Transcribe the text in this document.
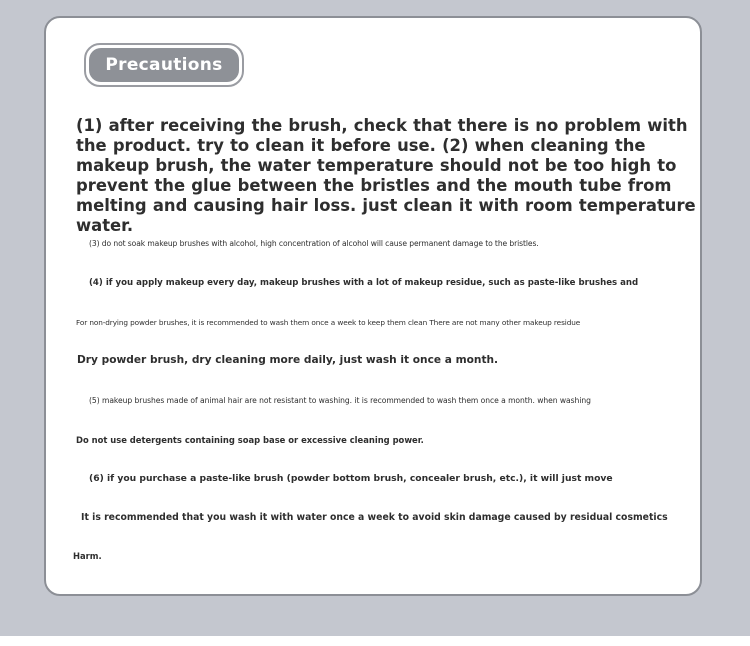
Precautions

(1) after receiving the brush, check that there is no problem with the product. try to clean it before use. (2) when cleaning the makeup brush, the water temperature should not be too high to prevent the glue between the bristles and the mouth tube from melting and causing hair loss. just clean it with room temperature water.

(3) do not soak makeup brushes with alcohol, high concentration of alcohol will cause permanent damage to the bristles.

(4) if you apply makeup every day, makeup brushes with a lot of makeup residue, such as paste-like brushes and

For non-drying powder brushes, it is recommended to wash them once a week to keep them clean There are not many other makeup residue

Dry powder brush, dry cleaning more daily, just wash it once a month.

(5) makeup brushes made of animal hair are not resistant to washing. it is recommended to wash them once a month. when washing

Do not use detergents containing soap base or excessive cleaning power.

(6) if you purchase a paste-like brush (powder bottom brush, concealer brush, etc.), it will just move

It is recommended that you wash it with water once a week to avoid skin damage caused by residual cosmetics

Harm.
